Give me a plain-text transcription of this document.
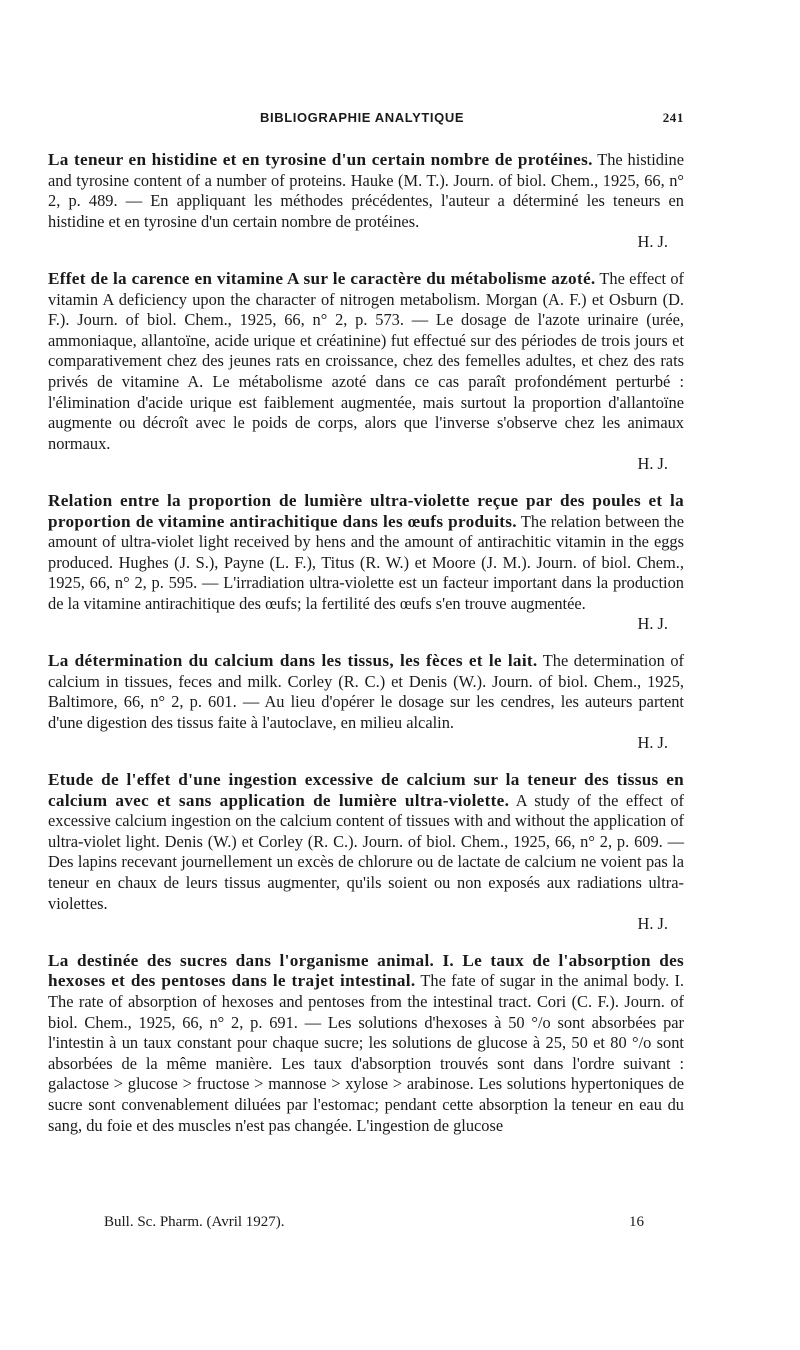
BIBLIOGRAPHIE ANALYTIQUE	241
La teneur en histidine et en tyrosine d'un certain nombre de protéines. The histidine and tyrosine content of a number of proteins. Hauke (M. T.). Journ. of biol. Chem., 1925, 66, n° 2, p. 489. — En appliquant les méthodes précédentes, l'auteur a déterminé les teneurs en histidine et en tyrosine d'un certain nombre de protéines.
H. J.
Effet de la carence en vitamine A sur le caractère du métabolisme azoté. The effect of vitamin A deficiency upon the character of nitrogen metabolism. Morgan (A. F.) et Osburn (D. F.). Journ. of biol. Chem., 1925, 66, n° 2, p. 573. — Le dosage de l'azote urinaire (urée, ammoniaque, allantoïne, acide urique et créatinine) fut effectué sur des périodes de trois jours et comparativement chez des jeunes rats en croissance, chez des femelles adultes, et chez des rats privés de vitamine A. Le métabolisme azoté dans ce cas paraît profondément perturbé : l'élimination d'acide urique est faiblement augmentée, mais surtout la proportion d'allantoïne augmente ou décroît avec le poids de corps, alors que l'inverse s'observe chez les animaux normaux.
H. J.
Relation entre la proportion de lumière ultra-violette reçue par des poules et la proportion de vitamine antirachitique dans les œufs produits. The relation between the amount of ultra-violet light received by hens and the amount of antirachitic vitamin in the eggs produced. Hughes (J. S.), Payne (L. F.), Titus (R. W.) et Moore (J. M.). Journ. of biol. Chem., 1925, 66, n° 2, p. 595. — L'irradiation ultra-violette est un facteur important dans la production de la vitamine antirachitique des œufs; la fertilité des œufs s'en trouve augmentée.
H. J.
La détermination du calcium dans les tissus, les fèces et le lait. The determination of calcium in tissues, feces and milk. Corley (R. C.) et Denis (W.). Journ. of biol. Chem., 1925, Baltimore, 66, n° 2, p. 601. — Au lieu d'opérer le dosage sur les cendres, les auteurs partent d'une digestion des tissus faite à l'autoclave, en milieu alcalin.
H. J.
Etude de l'effet d'une ingestion excessive de calcium sur la teneur des tissus en calcium avec et sans application de lumière ultra-violette. A study of the effect of excessive calcium ingestion on the calcium content of tissues with and without the application of ultra-violet light. Denis (W.) et Corley (R. C.). Journ. of biol. Chem., 1925, 66, n° 2, p. 609. — Des lapins recevant journellement un excès de chlorure ou de lactate de calcium ne voient pas la teneur en chaux de leurs tissus augmenter, qu'ils soient ou non exposés aux radiations ultra-violettes.
H. J.
La destinée des sucres dans l'organisme animal. I. Le taux de l'absorption des hexoses et des pentoses dans le trajet intestinal. The fate of sugar in the animal body. I. The rate of absorption of hexoses and pentoses from the intestinal tract. Cori (C. F.). Journ. of biol. Chem., 1925, 66, n° 2, p. 691. — Les solutions d'hexoses à 50 °/o sont absorbées par l'intestin à un taux constant pour chaque sucre; les solutions de glucose à 25, 50 et 80 °/o sont absorbées de la même manière. Les taux d'absorption trouvés sont dans l'ordre suivant : galactose > glucose > fructose > mannose > xylose > arabinose. Les solutions hypertoniques de sucre sont convenablement diluées par l'estomac; pendant cette absorption la teneur en eau du sang, du foie et des muscles n'est pas changée. L'ingestion de glucose
Bull. Sc. Pharm. (Avril 1927).	16
